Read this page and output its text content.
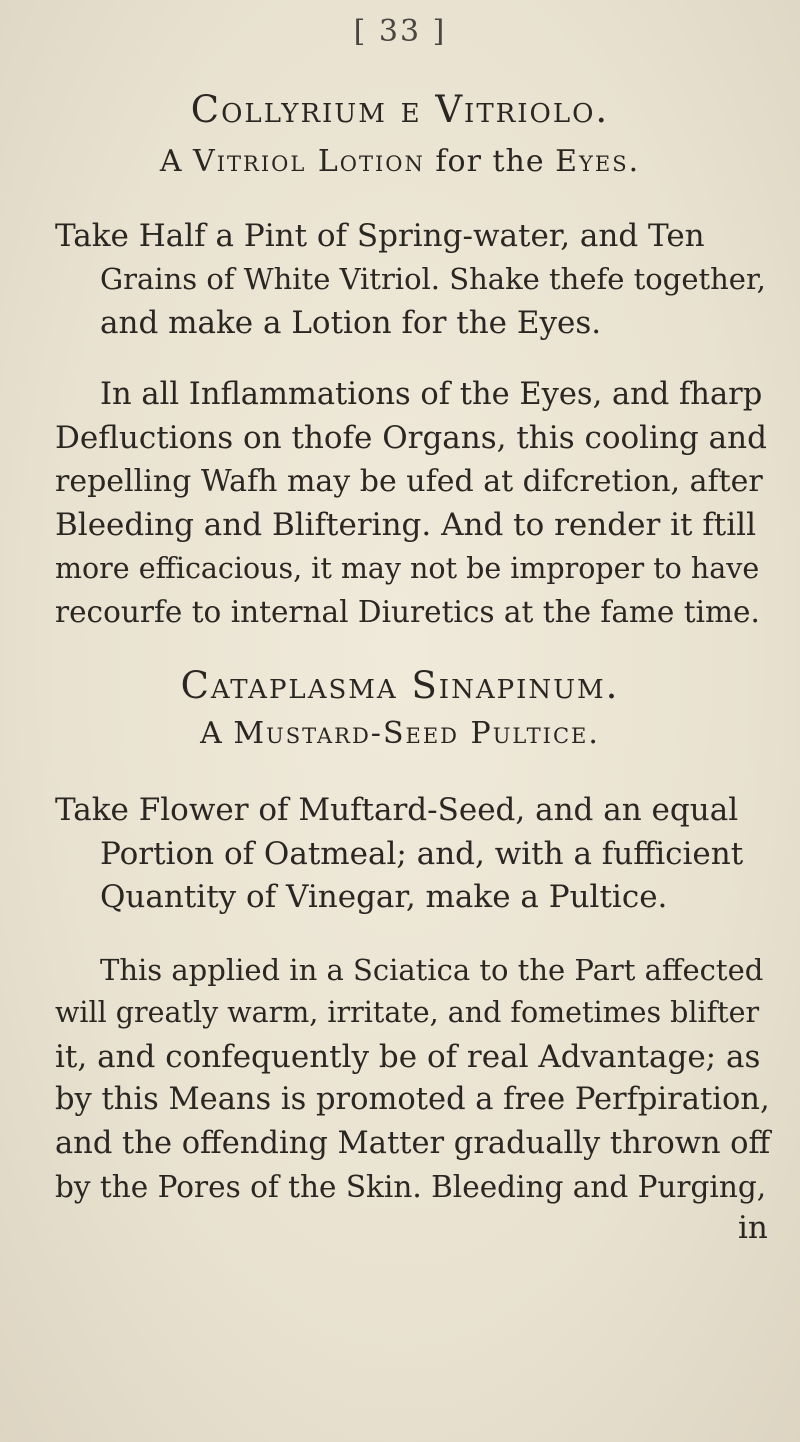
[ 33 ]
Collyrium e Vitriolo.
A Vitriol Lotion for the Eyes.
Take Half a Pint of Spring-water, and Ten
Grains of White Vitriol. Shake thefe together,
and make a Lotion for the Eyes.
In all Inflammations of the Eyes, and fharp
Defluctions on thofe Organs, this cooling and
repelling Wafh may be ufed at difcretion, after
Bleeding and Bliftering. And to render it ftill
more efficacious, it may not be improper to have
recourfe to internal Diuretics at the fame time.
Cataplasma Sinapinum.
A Mustard-Seed Pultice.
Take Flower of Muftard-Seed, and an equal
Portion of Oatmeal; and, with a fufficient
Quantity of Vinegar, make a Pultice.
This applied in a Sciatica to the Part affected
will greatly warm, irritate, and fometimes blifter
it, and confequently be of real Advantage; as
by this Means is promoted a free Perfpiration,
and the offending Matter gradually thrown off
by the Pores of the Skin. Bleeding and Purging,
in
